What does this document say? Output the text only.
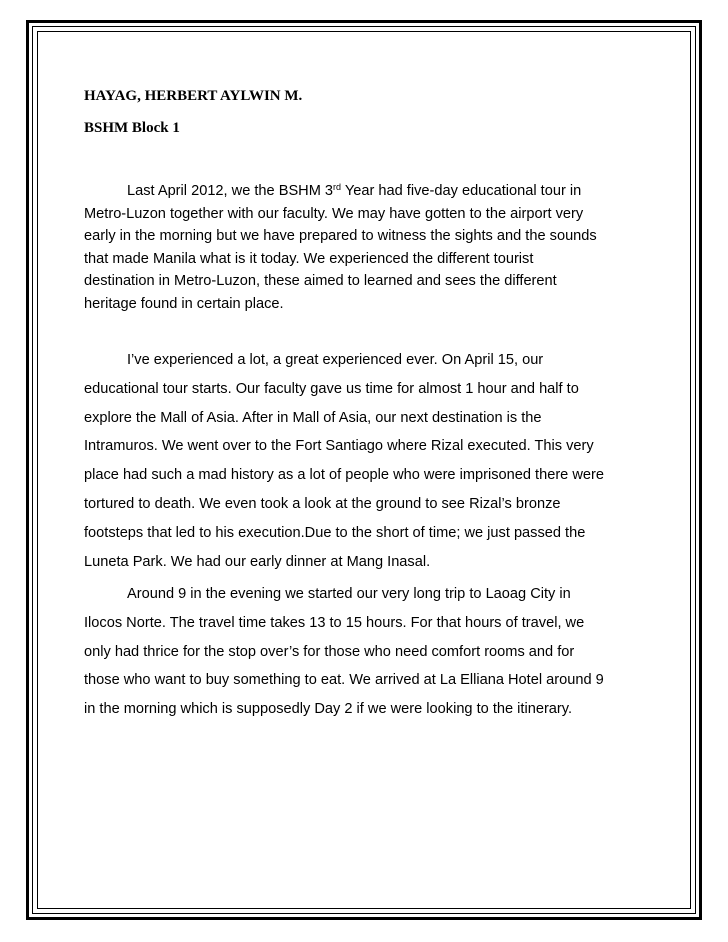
HAYAG, HERBERT AYLWIN M.

BSHM Block 1

Last April 2012, we the BSHM 3rd Year had five-day educational tour in
Metro-Luzon together with our faculty. We may have gotten to the airport very
early in the morning but we have prepared to witness the sights and the sounds
that made Manila what is it today. We experienced the different tourist
destination in Metro-Luzon, these aimed to learned and sees the different
heritage found in certain place.
I’ve experienced a lot, a great experienced ever. On April 15, our
educational tour starts. Our faculty gave us time for almost 1 hour and half to
explore the Mall of Asia. After in Mall of Asia, our next destination is the
Intramuros. We went over to the Fort Santiago where Rizal executed. This very
place had such a mad history as a lot of people who were imprisoned there were
tortured to death. We even took a look at the ground to see Rizal’s bronze
footsteps that led to his execution.Due to the short of time; we just passed the
Luneta Park. We had our early dinner at Mang Inasal.
Around 9 in the evening we started our very long trip to Laoag City in
Ilocos Norte. The travel time takes 13 to 15 hours. For that hours of travel, we
only had thrice for the stop over’s for those who need comfort rooms and for
those who want to buy something to eat. We arrived at La Elliana Hotel around 9
in the morning which is supposedly Day 2 if we were looking to the itinerary.
